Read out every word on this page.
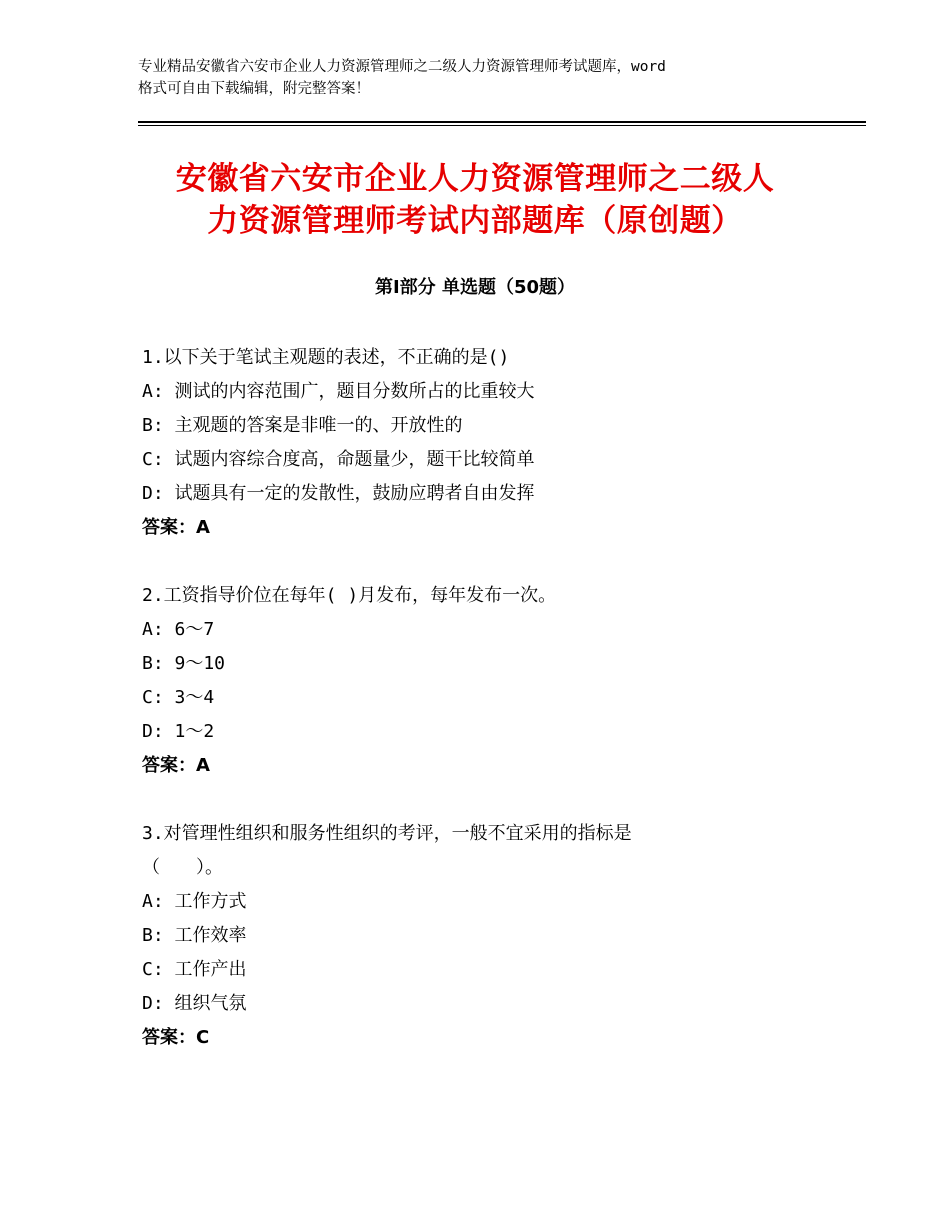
专业精品安徽省六安市企业人力资源管理师之二级人力资源管理师考试题库，word
格式可自由下载编辑，附完整答案！
安徽省六安市企业人力资源管理师之二级人
力资源管理师考试内部题库（原创题）
第Ⅰ部分 单选题（50题）
1.以下关于笔试主观题的表述，不正确的是()
A: 测试的内容范围广，题目分数所占的比重较大
B: 主观题的答案是非唯一的、开放性的
C: 试题内容综合度高，命题量少，题干比较简单
D: 试题具有一定的发散性，鼓励应聘者自由发挥
答案：A
2.工资指导价位在每年( )月发布，每年发布一次。
A: 6～7
B: 9～10
C: 3～4
D: 1～2
答案：A
3.对管理性组织和服务性组织的考评，一般不宜采用的指标是
（　　）。
A: 工作方式
B: 工作效率
C: 工作产出
D: 组织气氛
答案：C
